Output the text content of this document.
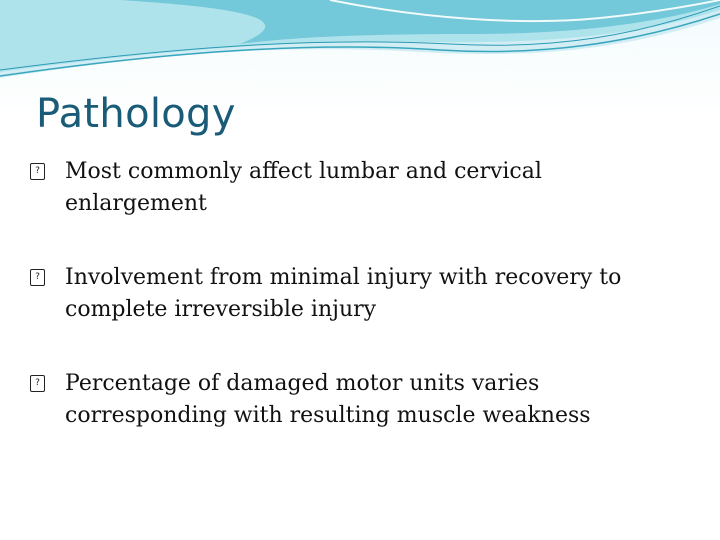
Pathology
? Most commonly affect lumbar and cervical enlargement
? Involvement from minimal injury with recovery to complete irreversible injury
? Percentage of damaged motor units varies corresponding with resulting muscle weakness
